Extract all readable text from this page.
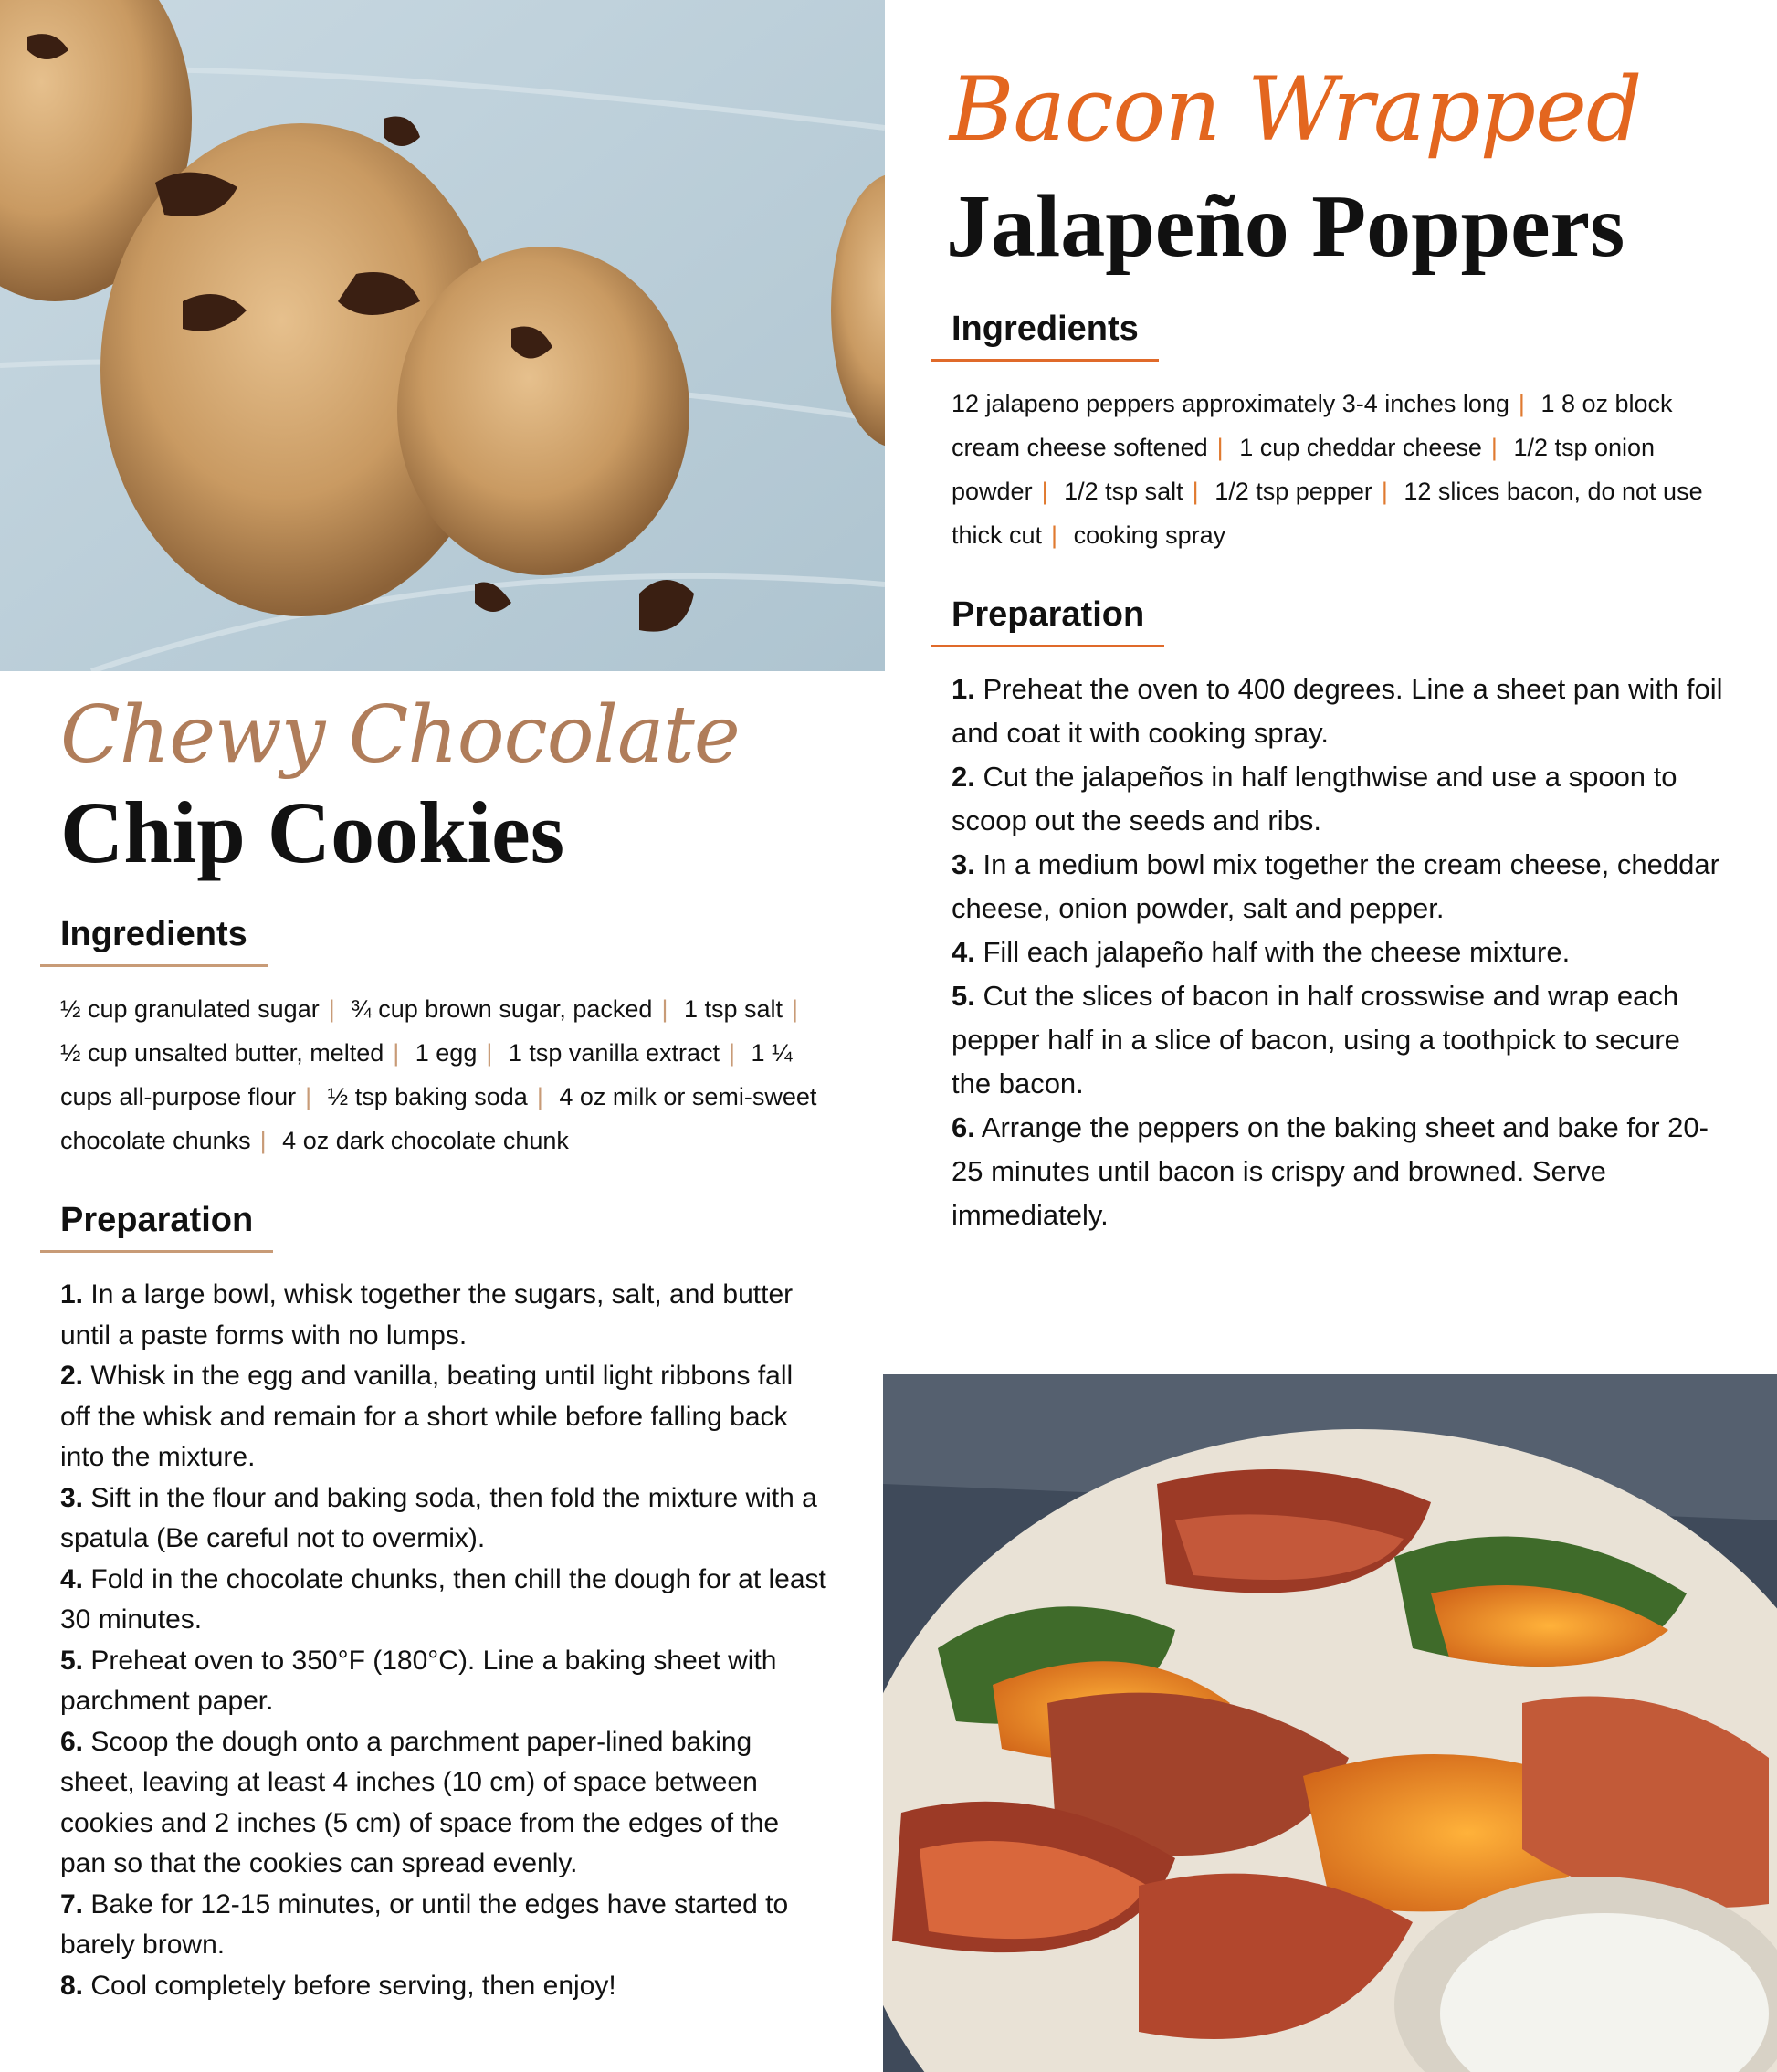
Chewy Chocolate
Chip Cookies
Ingredients
½ cup granulated sugar | ¾ cup brown sugar, packed | 1 tsp salt | ½ cup unsalted butter, melted | 1 egg | 1 tsp vanilla extract | 1 ¼ cups all-purpose flour | ½ tsp baking soda | 4 oz milk or semi-sweet chocolate chunks | 4 oz dark chocolate chunk
Preparation
1. In a large bowl, whisk together the sugars, salt, and butter until a paste forms with no lumps.
2. Whisk in the egg and vanilla, beating until light ribbons fall off the whisk and remain for a short while before falling back into the mixture.
3. Sift in the flour and baking soda, then fold the mixture with a spatula (Be careful not to overmix).
4. Fold in the chocolate chunks, then chill the dough for at least 30 minutes.
5. Preheat oven to 350°F (180°C). Line a baking sheet with parchment paper.
6. Scoop the dough onto a parchment paper-lined baking sheet, leaving at least 4 inches (10 cm) of space between cookies and 2 inches (5 cm) of space from the edges of the pan so that the cookies can spread evenly.
7. Bake for 12-15 minutes, or until the edges have started to barely brown.
8. Cool completely before serving, then enjoy!
Bacon Wrapped
Jalapeño Poppers
Ingredients
12 jalapeno peppers approximately 3-4 inches long | 1 8 oz block cream cheese softened | 1 cup cheddar cheese | 1/2 tsp onion powder | 1/2 tsp salt | 1/2 tsp pepper | 12 slices bacon, do not use thick cut | cooking spray
Preparation
1. Preheat the oven to 400 degrees. Line a sheet pan with foil and coat it with cooking spray.
2. Cut the jalapeños in half lengthwise and use a spoon to scoop out the seeds and ribs.
3. In a medium bowl mix together the cream cheese, cheddar cheese, onion powder, salt and pepper.
4. Fill each jalapeño half with the cheese mixture.
5. Cut the slices of bacon in half crosswise and wrap each pepper half in a slice of bacon, using a toothpick to secure the bacon.
6. Arrange the peppers on the baking sheet and bake for 20-25 minutes until bacon is crispy and browned. Serve immediately.
